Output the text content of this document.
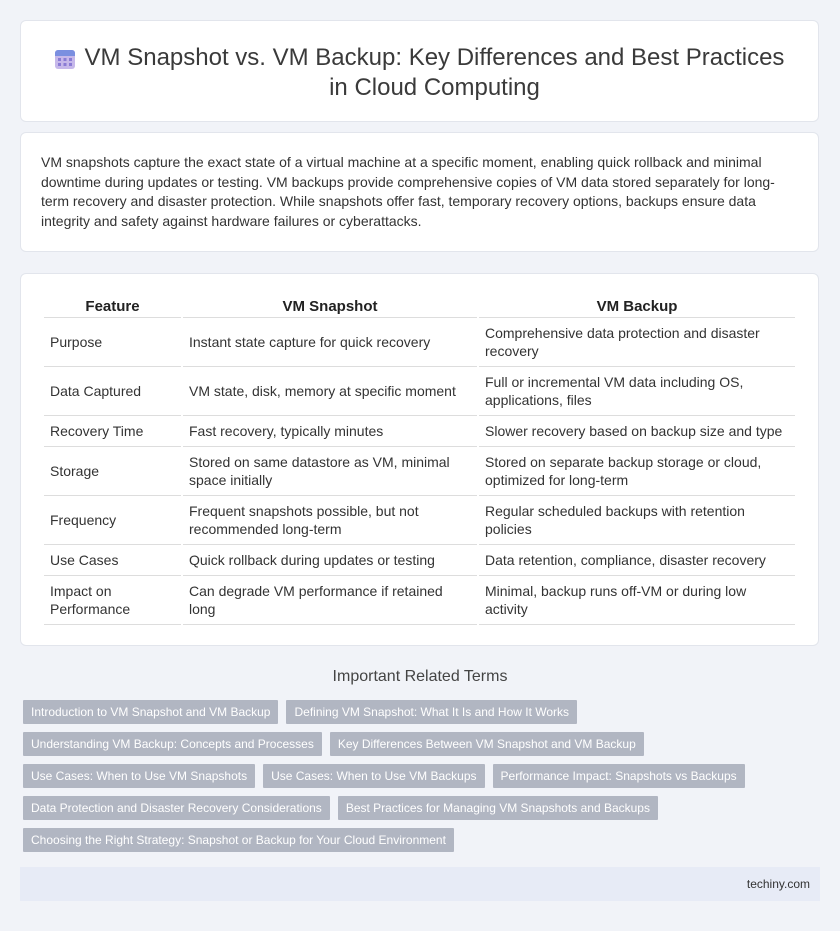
VM Snapshot vs. VM Backup: Key Differences and Best Practices in Cloud Computing

VM snapshots capture the exact state of a virtual machine at a specific moment, enabling quick rollback and minimal downtime during updates or testing. VM backups provide comprehensive copies of VM data stored separately for long-term recovery and disaster protection. While snapshots offer fast, temporary recovery options, backups ensure data integrity and safety against hardware failures or cyberattacks.

Feature	VM Snapshot	VM Backup
Purpose	Instant state capture for quick recovery	Comprehensive data protection and disaster recovery
Data Captured	VM state, disk, memory at specific moment	Full or incremental VM data including OS, applications, files
Recovery Time	Fast recovery, typically minutes	Slower recovery based on backup size and type
Storage	Stored on same datastore as VM, minimal space initially	Stored on separate backup storage or cloud, optimized for long-term
Frequency	Frequent snapshots possible, but not recommended long-term	Regular scheduled backups with retention policies
Use Cases	Quick rollback during updates or testing	Data retention, compliance, disaster recovery
Impact on Performance	Can degrade VM performance if retained long	Minimal, backup runs off-VM or during low activity
Important Related Terms
Introduction to VM Snapshot and VM Backup	Defining VM Snapshot: What It Is and How It Works
Understanding VM Backup: Concepts and Processes	Key Differences Between VM Snapshot and VM Backup
Use Cases: When to Use VM Snapshots	Use Cases: When to Use VM Backups	Performance Impact: Snapshots vs Backups
Data Protection and Disaster Recovery Considerations	Best Practices for Managing VM Snapshots and Backups
Choosing the Right Strategy: Snapshot or Backup for Your Cloud Environment
techiny.com
